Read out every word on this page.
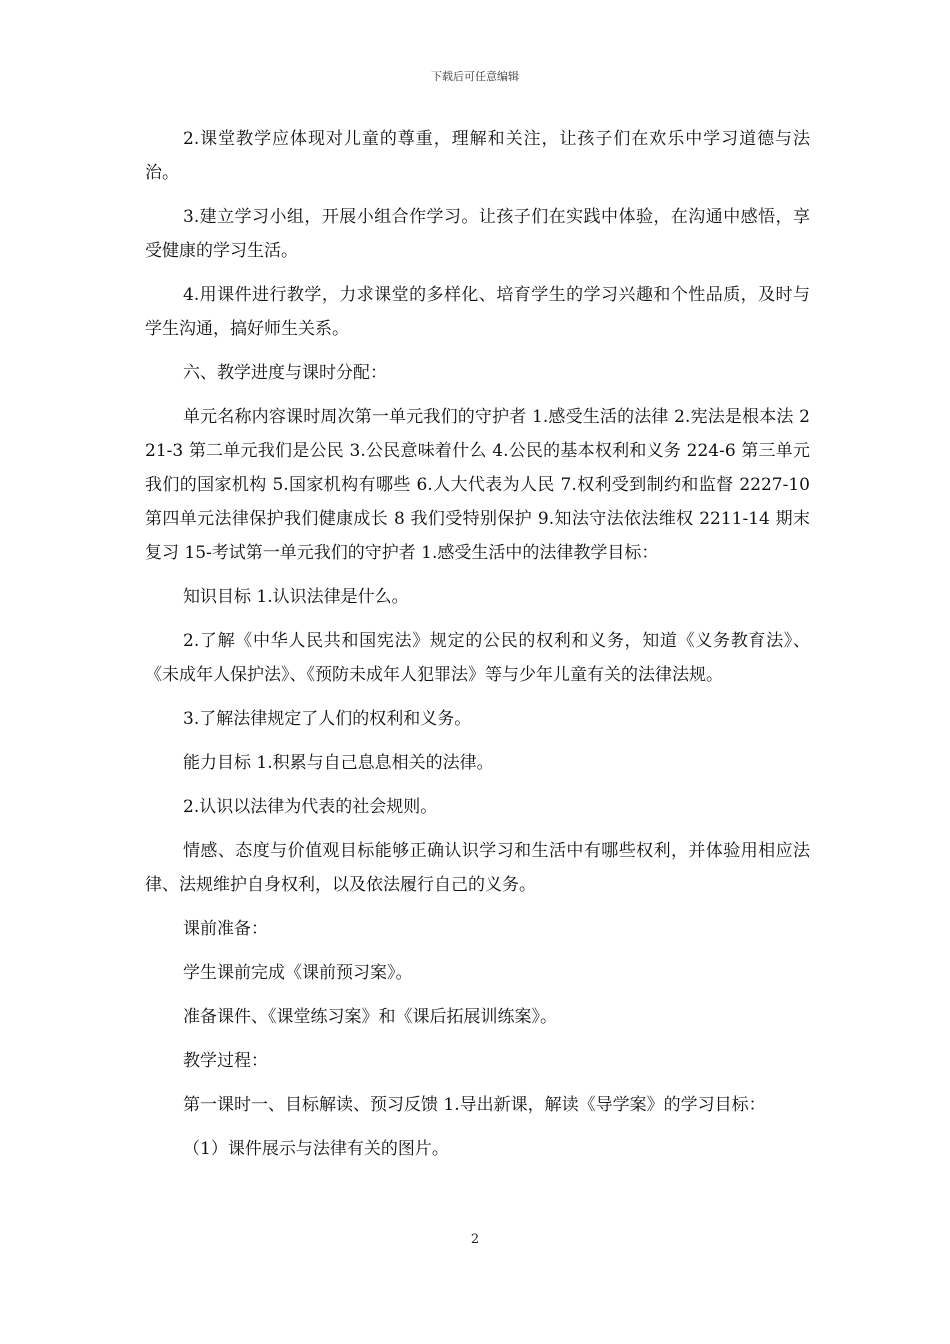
下载后可任意编辑

2.课堂教学应体现对儿童的尊重，理解和关注，让孩子们在欢乐中学习道德与法治。

3.建立学习小组，开展小组合作学习。让孩子们在实践中体验，在沟通中感悟，享受健康的学习生活。

4.用课件进行教学，力求课堂的多样化、培育学生的学习兴趣和个性品质，及时与学生沟通，搞好师生关系。

六、教学进度与课时分配：

单元名称内容课时周次第一单元我们的守护者 1.感受生活的法律 2.宪法是根本法 221-3 第二单元我们是公民 3.公民意味着什么 4.公民的基本权利和义务 224-6 第三单元我们的国家机构 5.国家机构有哪些 6.人大代表为人民 7.权利受到制约和监督 2227-10 第四单元法律保护我们健康成长 8 我们受特别保护 9.知法守法依法维权 2211-14 期末复习 15-考试第一单元我们的守护者 1.感受生活中的法律教学目标：

知识目标 1.认识法律是什么。

2.了解《中华人民共和国宪法》规定的公民的权利和义务，知道《义务教育法》、《未成年人保护法》、《预防未成年人犯罪法》等与少年儿童有关的法律法规。

3.了解法律规定了人们的权利和义务。

能力目标 1.积累与自己息息相关的法律。

2.认识以法律为代表的社会规则。

情感、态度与价值观目标能够正确认识学习和生活中有哪些权利，并体验用相应法律、法规维护自身权利，以及依法履行自己的义务。

课前准备：

学生课前完成《课前预习案》。

准备课件、《课堂练习案》和《课后拓展训练案》。

教学过程：

第一课时一、目标解读、预习反馈 1.导出新课，解读《导学案》的学习目标：

（1）课件展示与法律有关的图片。

2
